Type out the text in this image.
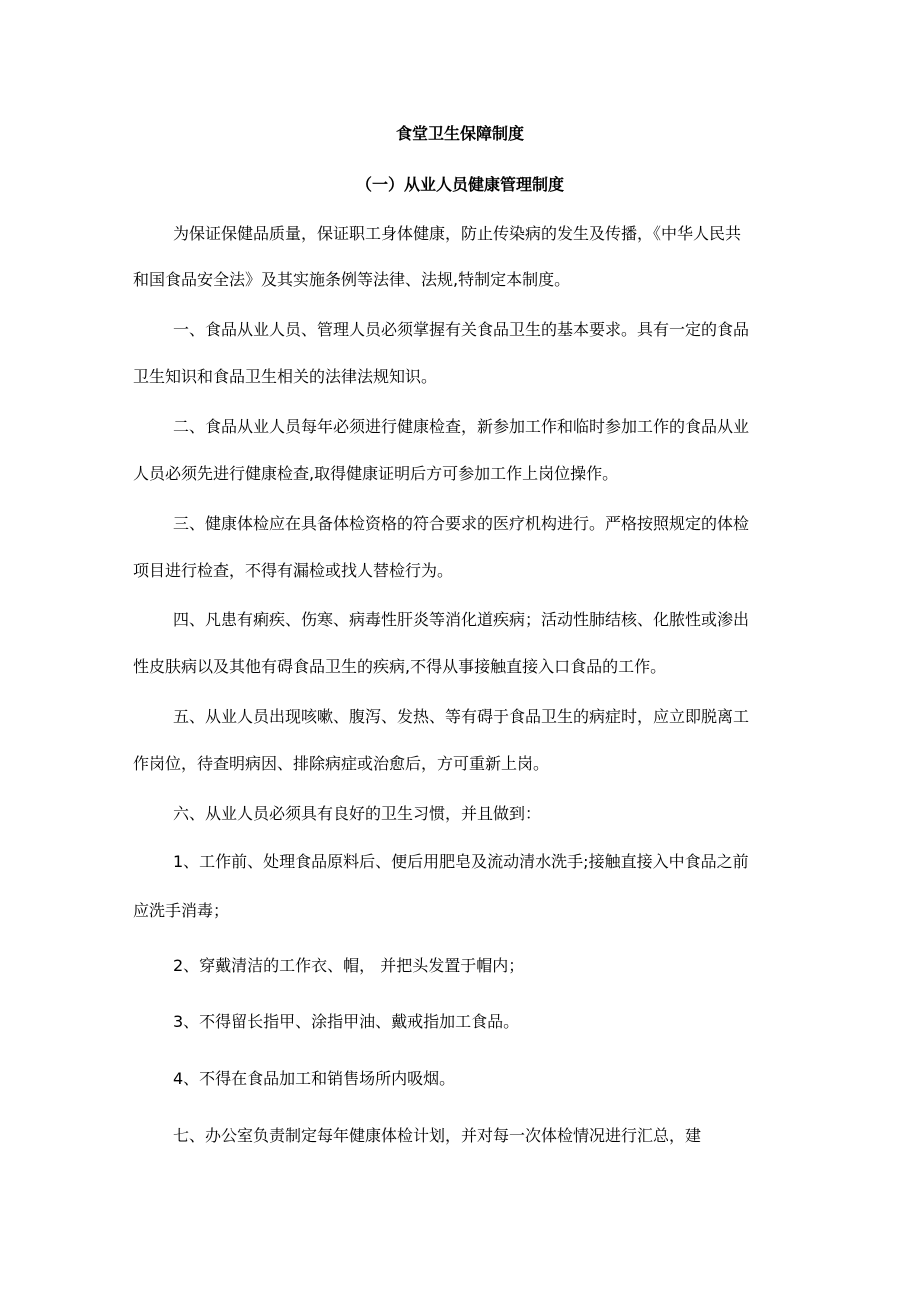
食堂卫生保障制度
（一）从业人员健康管理制度
为保证保健品质量，保证职工身体健康，防止传染病的发生及传播，《中华人民共
和国食品安全法》及其实施条例等法律、法规,特制定本制度。
一、食品从业人员、管理人员必须掌握有关食品卫生的基本要求。具有一定的食品
卫生知识和食品卫生相关的法律法规知识。
二、食品从业人员每年必须进行健康检查，新参加工作和临时参加工作的食品从业
人员必须先进行健康检查,取得健康证明后方可参加工作上岗位操作。
三、健康体检应在具备体检资格的符合要求的医疗机构进行。严格按照规定的体检
项目进行检查，不得有漏检或找人替检行为。
四、凡患有痢疾、伤寒、病毒性肝炎等消化道疾病；活动性肺结核、化脓性或渗出
性皮肤病以及其他有碍食品卫生的疾病,不得从事接触直接入口食品的工作。
五、从业人员出现咳嗽、腹泻、发热、等有碍于食品卫生的病症时，应立即脱离工
作岗位，待查明病因、排除病症或治愈后，方可重新上岗。
六、从业人员必须具有良好的卫生习惯，并且做到：
1、工作前、处理食品原料后、便后用肥皂及流动清水洗手;接触直接入中食品之前
应洗手消毒；
2、穿戴清洁的工作衣、帽， 并把头发置于帽内；
3、不得留长指甲、涂指甲油、戴戒指加工食品。
4、不得在食品加工和销售场所内吸烟。
七、办公室负责制定每年健康体检计划，并对每一次体检情况进行汇总，建
